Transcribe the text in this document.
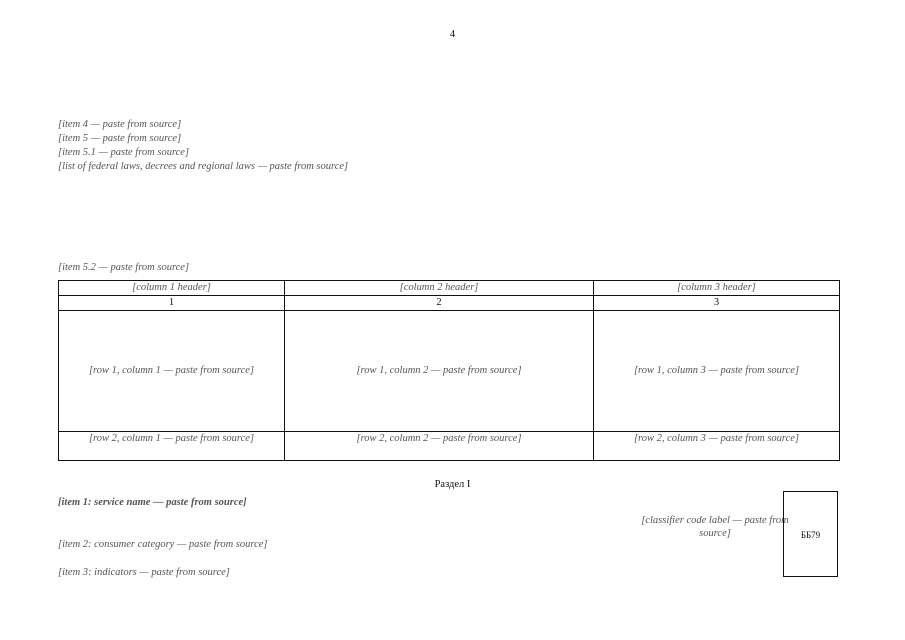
4
[item 4 — paste from source]
[item 5 — paste from source]
[item 5.1 — paste from source]
[list of federal laws, decrees and regional laws — paste from source]
[item 5.2 — paste from source]
[column 1 header]	[column 2 header]	[column 3 header]
1	2	3
[row 1, column 1 — paste from source]	[row 1, column 2 — paste from source]	[row 1, column 3 — paste from source]
[row 2, column 1 — paste from source]	[row 2, column 2 — paste from source]	[row 2, column 3 — paste from source]
Раздел I
[item 1: service name — paste from source]
[item 2: consumer category — paste from source]
[item 3: indicators — paste from source]
[classifier code label — paste from source]	ББ79
